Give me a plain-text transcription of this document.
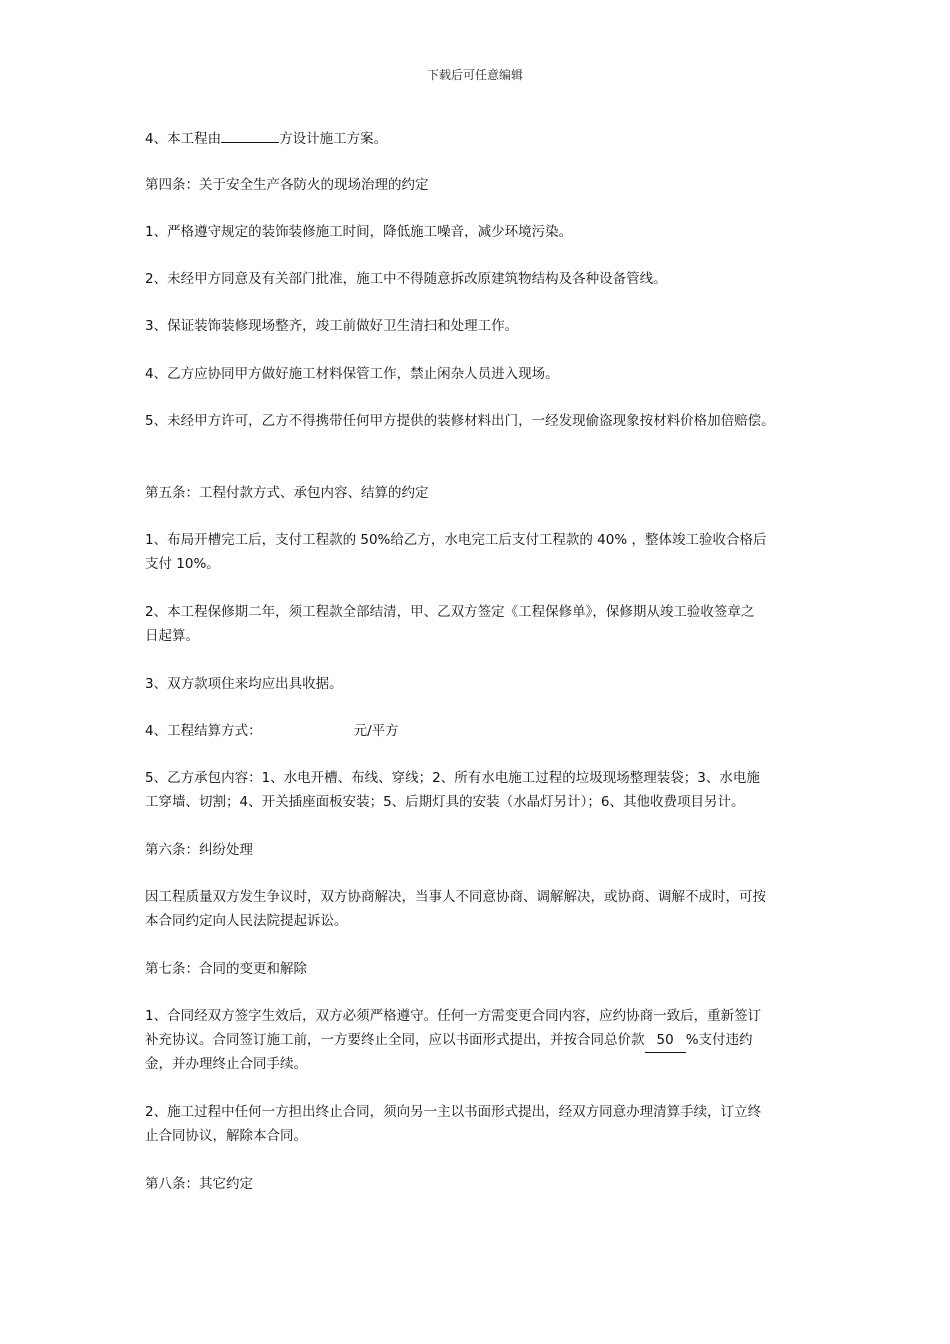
下载后可任意编辑
4、本工程由	方设计施工方案。
第四条：关于安全生产各防火的现场治理的约定
1、严格遵守规定的装饰装修施工时间，降低施工噪音，减少环境污染。
2、未经甲方同意及有关部门批准，施工中不得随意拆改原建筑物结构及各种设备管线。
3、保证装饰装修现场整齐，竣工前做好卫生清扫和处理工作。
4、乙方应协同甲方做好施工材料保管工作，禁止闲杂人员进入现场。
5、未经甲方许可，乙方不得携带任何甲方提供的装修材料出门，一经发现偷盗现象按材料价格加倍赔偿。
第五条：工程付款方式、承包内容、结算的约定
1、布局开槽完工后，支付工程款的 50%给乙方，水电完工后支付工程款的 40% ，整体竣工验收合格后
支付 10%。
2、本工程保修期二年，须工程款全部结清，甲、乙双方签定《工程保修单》，保修期从竣工验收签章之
日起算。
3、双方款项住来均应出具收据。
4、工程结算方式：	元/平方
5、乙方承包内容：1、水电开槽、布线、穿线；2、所有水电施工过程的垃圾现场整理装袋；3、水电施
工穿墙、切割；4、开关插座面板安装；5、后期灯具的安装（水晶灯另计）；6、其他收费项目另计。
第六条：纠纷处理
因工程质量双方发生争议时，双方协商解决，当事人不同意协商、调解解决，或协商、调解不成时，可按
本合同约定向人民法院提起诉讼。
第七条：合同的变更和解除
1、合同经双方签字生效后，双方必须严格遵守。任何一方需变更合同内容，应约协商一致后，重新签订
补充协议。合同签订施工前，一方要终止全同，应以书面形式提出，并按合同总价款 50 %支付违约
金，并办理终止合同手续。
2、施工过程中任何一方担出终止合同，须向另一主以书面形式提出，经双方同意办理清算手续，订立终
止合同协议，解除本合同。
第八条：其它约定
